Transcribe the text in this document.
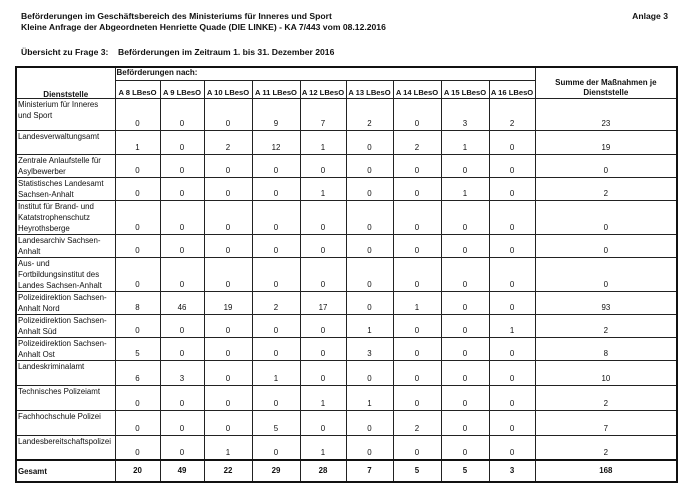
Beförderungen im Geschäftsbereich des Ministeriums für Inneres und Sport
Kleine Anfrage der Abgeordneten Henriette Quade (DIE LINKE) - KA 7/443 vom 08.12.2016
Anlage 3
Übersicht zu Frage 3: Beförderungen im Zeitraum 1. bis 31. Dezember 2016
Dienststelle	Beförderungen nach:									Summe der Maßnahmen je Dienststelle
	A 8 LBesO	A 9 LBesO	A 10 LBesO	A 11 LBesO	A 12 LBesO	A 13 LBesO	A 14 LBesO	A 15 LBesO	A 16 LBesO	
Ministerium für Inneres und Sport	0	0	0	9	7	2	0	3	2	23
Landesverwaltungsamt	1	0	2	12	1	0	2	1	0	19
Zentrale Anlaufstelle für Asylbewerber	0	0	0	0	0	0	0	0	0	0
Statistisches Landesamt Sachsen-Anhalt	0	0	0	0	1	0	0	1	0	2
Institut für Brand- und Katatstrophenschutz Heyrothsberge	0	0	0	0	0	0	0	0	0	0
Landesarchiv Sachsen-Anhalt	0	0	0	0	0	0	0	0	0	0
Aus- und Fortbildungsinstitut des Landes Sachsen-Anhalt	0	0	0	0	0	0	0	0	0	0
Polizeidirektion Sachsen-Anhalt Nord	8	46	19	2	17	0	1	0	0	93
Polizeidirektion Sachsen-Anhalt Süd	0	0	0	0	0	1	0	0	1	2
Polizeidirektion Sachsen-Anhalt Ost	5	0	0	0	0	3	0	0	0	8
Landeskriminalamt	6	3	0	1	0	0	0	0	0	10
Technisches Polizeiamt	0	0	0	0	1	1	0	0	0	2
Fachhochschule Polizei	0	0	0	5	0	0	2	0	0	7
Landesbereitschaftspolizei	0	0	1	0	1	0	0	0	0	2
Gesamt	20	49	22	29	28	7	5	5	3	168
